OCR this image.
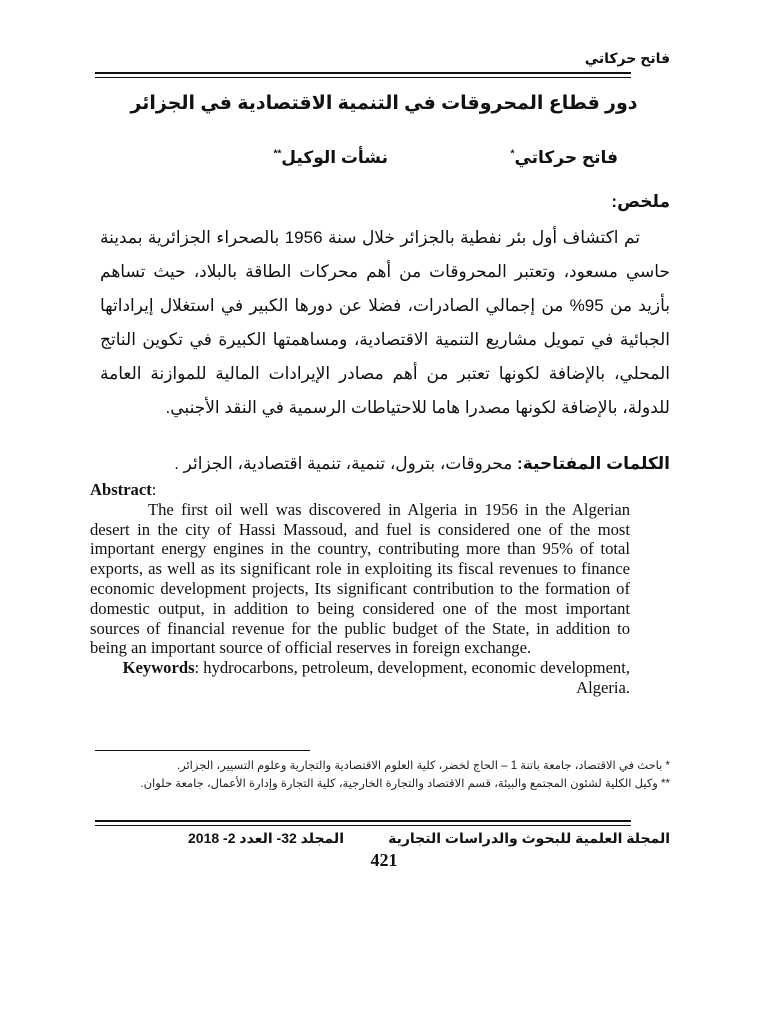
فاتح حركاتي
دور قطاع المحروقات في التنمية الاقتصادية في الجزائر
فاتح حركاتي*
نشأت الوكيل**
ملخص:

تم اكتشاف أول بئر نفطية بالجزائر خلال سنة 1956 بالصحراء الجزائرية بمدينة حاسي مسعود، وتعتبر المحروقات من أهم محركات الطاقة بالبلاد، حيث تساهم بأزيد من 95% من إجمالي الصادرات، فضلا عن دورها الكبير في استغلال إيراداتها الجبائية في تمويل مشاريع التنمية الاقتصادية، ومساهمتها الكبيرة في تكوين الناتج المحلي، بالإضافة لكونها تعتبر من أهم مصادر الإيرادات المالية للموازنة العامة للدولة، بالإضافة لكونها مصدرا هاما للاحتياطات الرسمية في النقد الأجنبي.

الكلمات المفتاحية: محروقات، بترول، تنمية، تنمية اقتصادية، الجزائر .
Abstract:

The first oil well was discovered in Algeria in 1956 in the Algerian desert in the city of Hassi Massoud, and fuel is considered one of the most important energy engines in the country, contributing more than 95% of total exports, as well as its significant role in exploiting its fiscal revenues to finance economic development projects, Its significant contribution to the formation of domestic output, in addition to being considered one of the most important sources of financial revenue for the public budget of the State, in addition to being an important source of official reserves in foreign exchange.

Keywords: hydrocarbons, petroleum, development, economic development, Algeria.

* باحث في الاقتصاد، جامعة باتنة 1 – الحاج لخضر، كلية العلوم الاقتصادية والتجارية وعلوم التسيير، الجزائر.

** وكيل الكلية لشئون المجتمع والبيئة، قسم الاقتصاد والتجارة الخارجية، كلية التجارة وإدارة الأعمال، جامعة حلوان.

المجلة العلمية للبحوث والدراسات التجارية
المجلد 32- العدد 2- 2018
421
